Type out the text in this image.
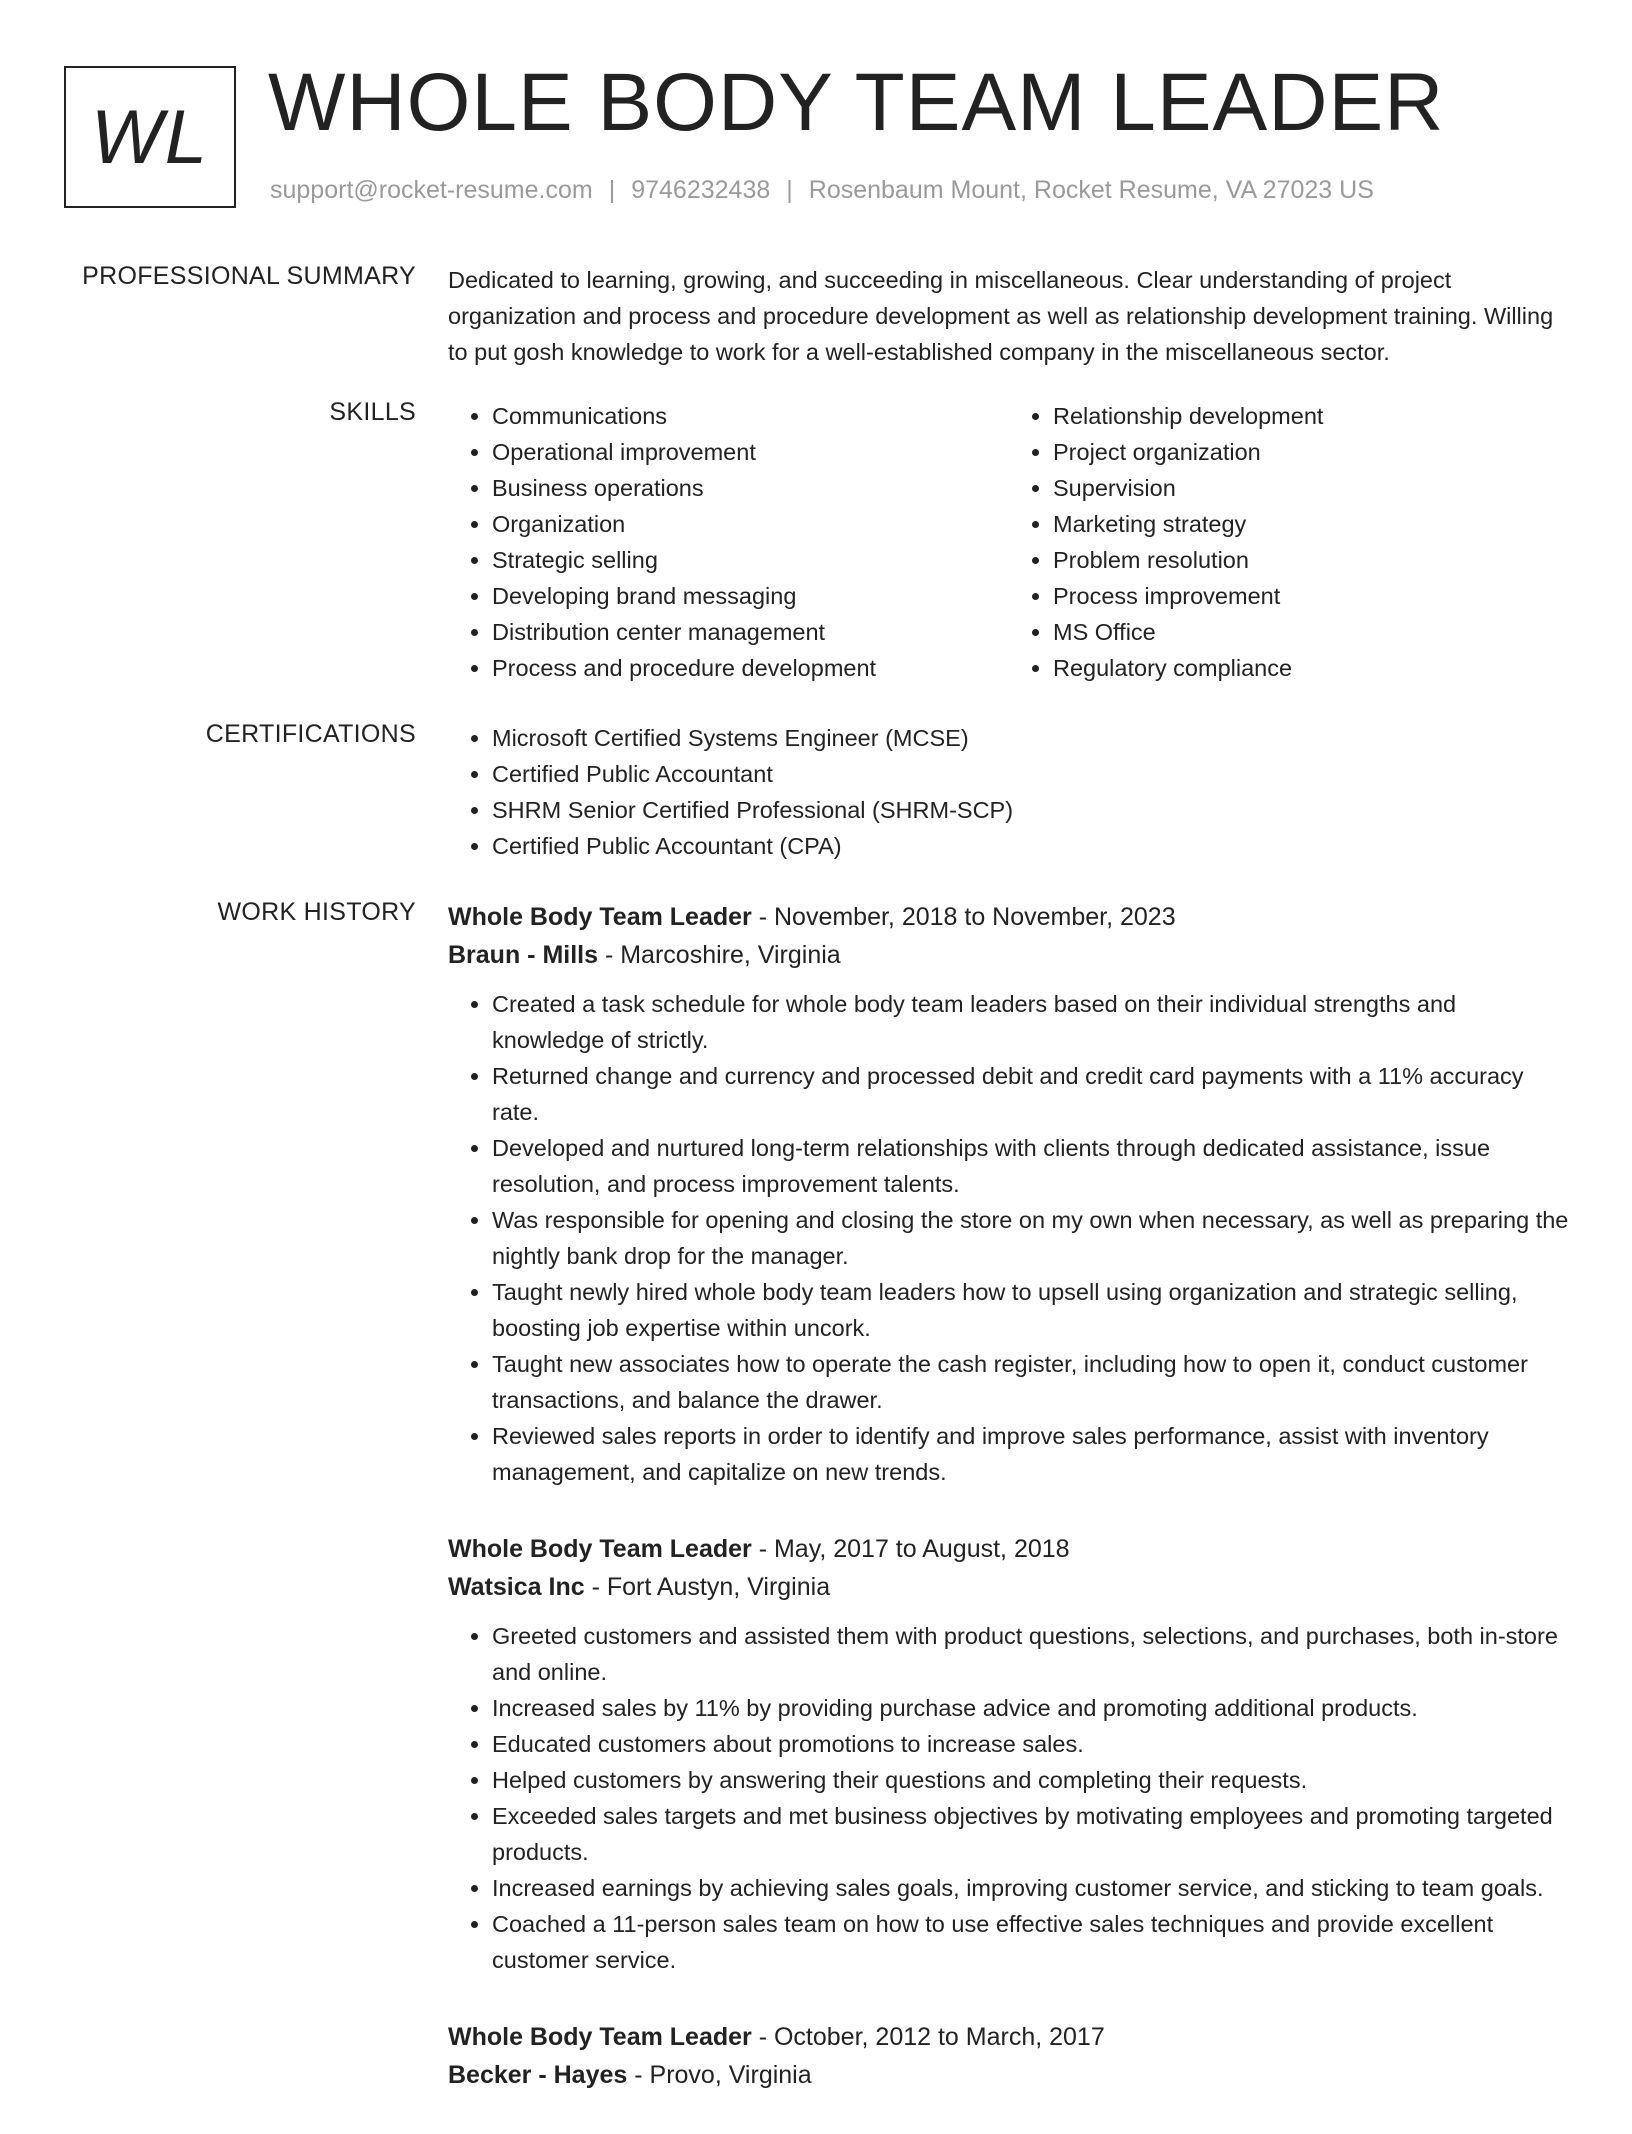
WL WHOLE BODY TEAM LEADER
support@rocket-resume.com | 9746232438 | Rosenbaum Mount, Rocket Resume, VA 27023 US
PROFESSIONAL SUMMARY Dedicated to learning, growing, and succeeding in miscellaneous. Clear understanding of project organization and process and procedure development as well as relationship development training. Willing to put gosh knowledge to work for a well-established company in the miscellaneous sector.
SKILLS	• Communications
• Operational improvement
• Business operations
• Organization
• Strategic selling
• Developing brand messaging
• Distribution center management
• Process and procedure development
• Relationship development
• Project organization
• Supervision
• Marketing strategy
• Problem resolution
• Process improvement
• MS Office
• Regulatory compliance
CERTIFICATIONS	• Microsoft Certified Systems Engineer (MCSE)
• Certified Public Accountant
• SHRM Senior Certified Professional (SHRM-SCP)
• Certified Public Accountant (CPA)
WORK HISTORY Whole Body Team Leader - November, 2018 to November, 2023
Braun - Mills - Marcoshire, Virginia
• Created a task schedule for whole body team leaders based on their individual strengths and knowledge of strictly.
• Returned change and currency and processed debit and credit card payments with a 11% accuracy rate.
• Developed and nurtured long-term relationships with clients through dedicated assistance, issue resolution, and process improvement talents.
• Was responsible for opening and closing the store on my own when necessary, as well as preparing the nightly bank drop for the manager.
• Taught newly hired whole body team leaders how to upsell using organization and strategic selling, boosting job expertise within uncork.
• Taught new associates how to operate the cash register, including how to open it, conduct customer transactions, and balance the drawer.
• Reviewed sales reports in order to identify and improve sales performance, assist with inventory management, and capitalize on new trends.
Whole Body Team Leader - May, 2017 to August, 2018
Watsica Inc - Fort Austyn, Virginia
• Greeted customers and assisted them with product questions, selections, and purchases, both in-store and online.
• Increased sales by 11% by providing purchase advice and promoting additional products.
• Educated customers about promotions to increase sales.
• Helped customers by answering their questions and completing their requests.
• Exceeded sales targets and met business objectives by motivating employees and promoting targeted products.
• Increased earnings by achieving sales goals, improving customer service, and sticking to team goals.
• Coached a 11-person sales team on how to use effective sales techniques and provide excellent customer service.
Whole Body Team Leader - October, 2012 to March, 2017
Becker - Hayes - Provo, Virginia
